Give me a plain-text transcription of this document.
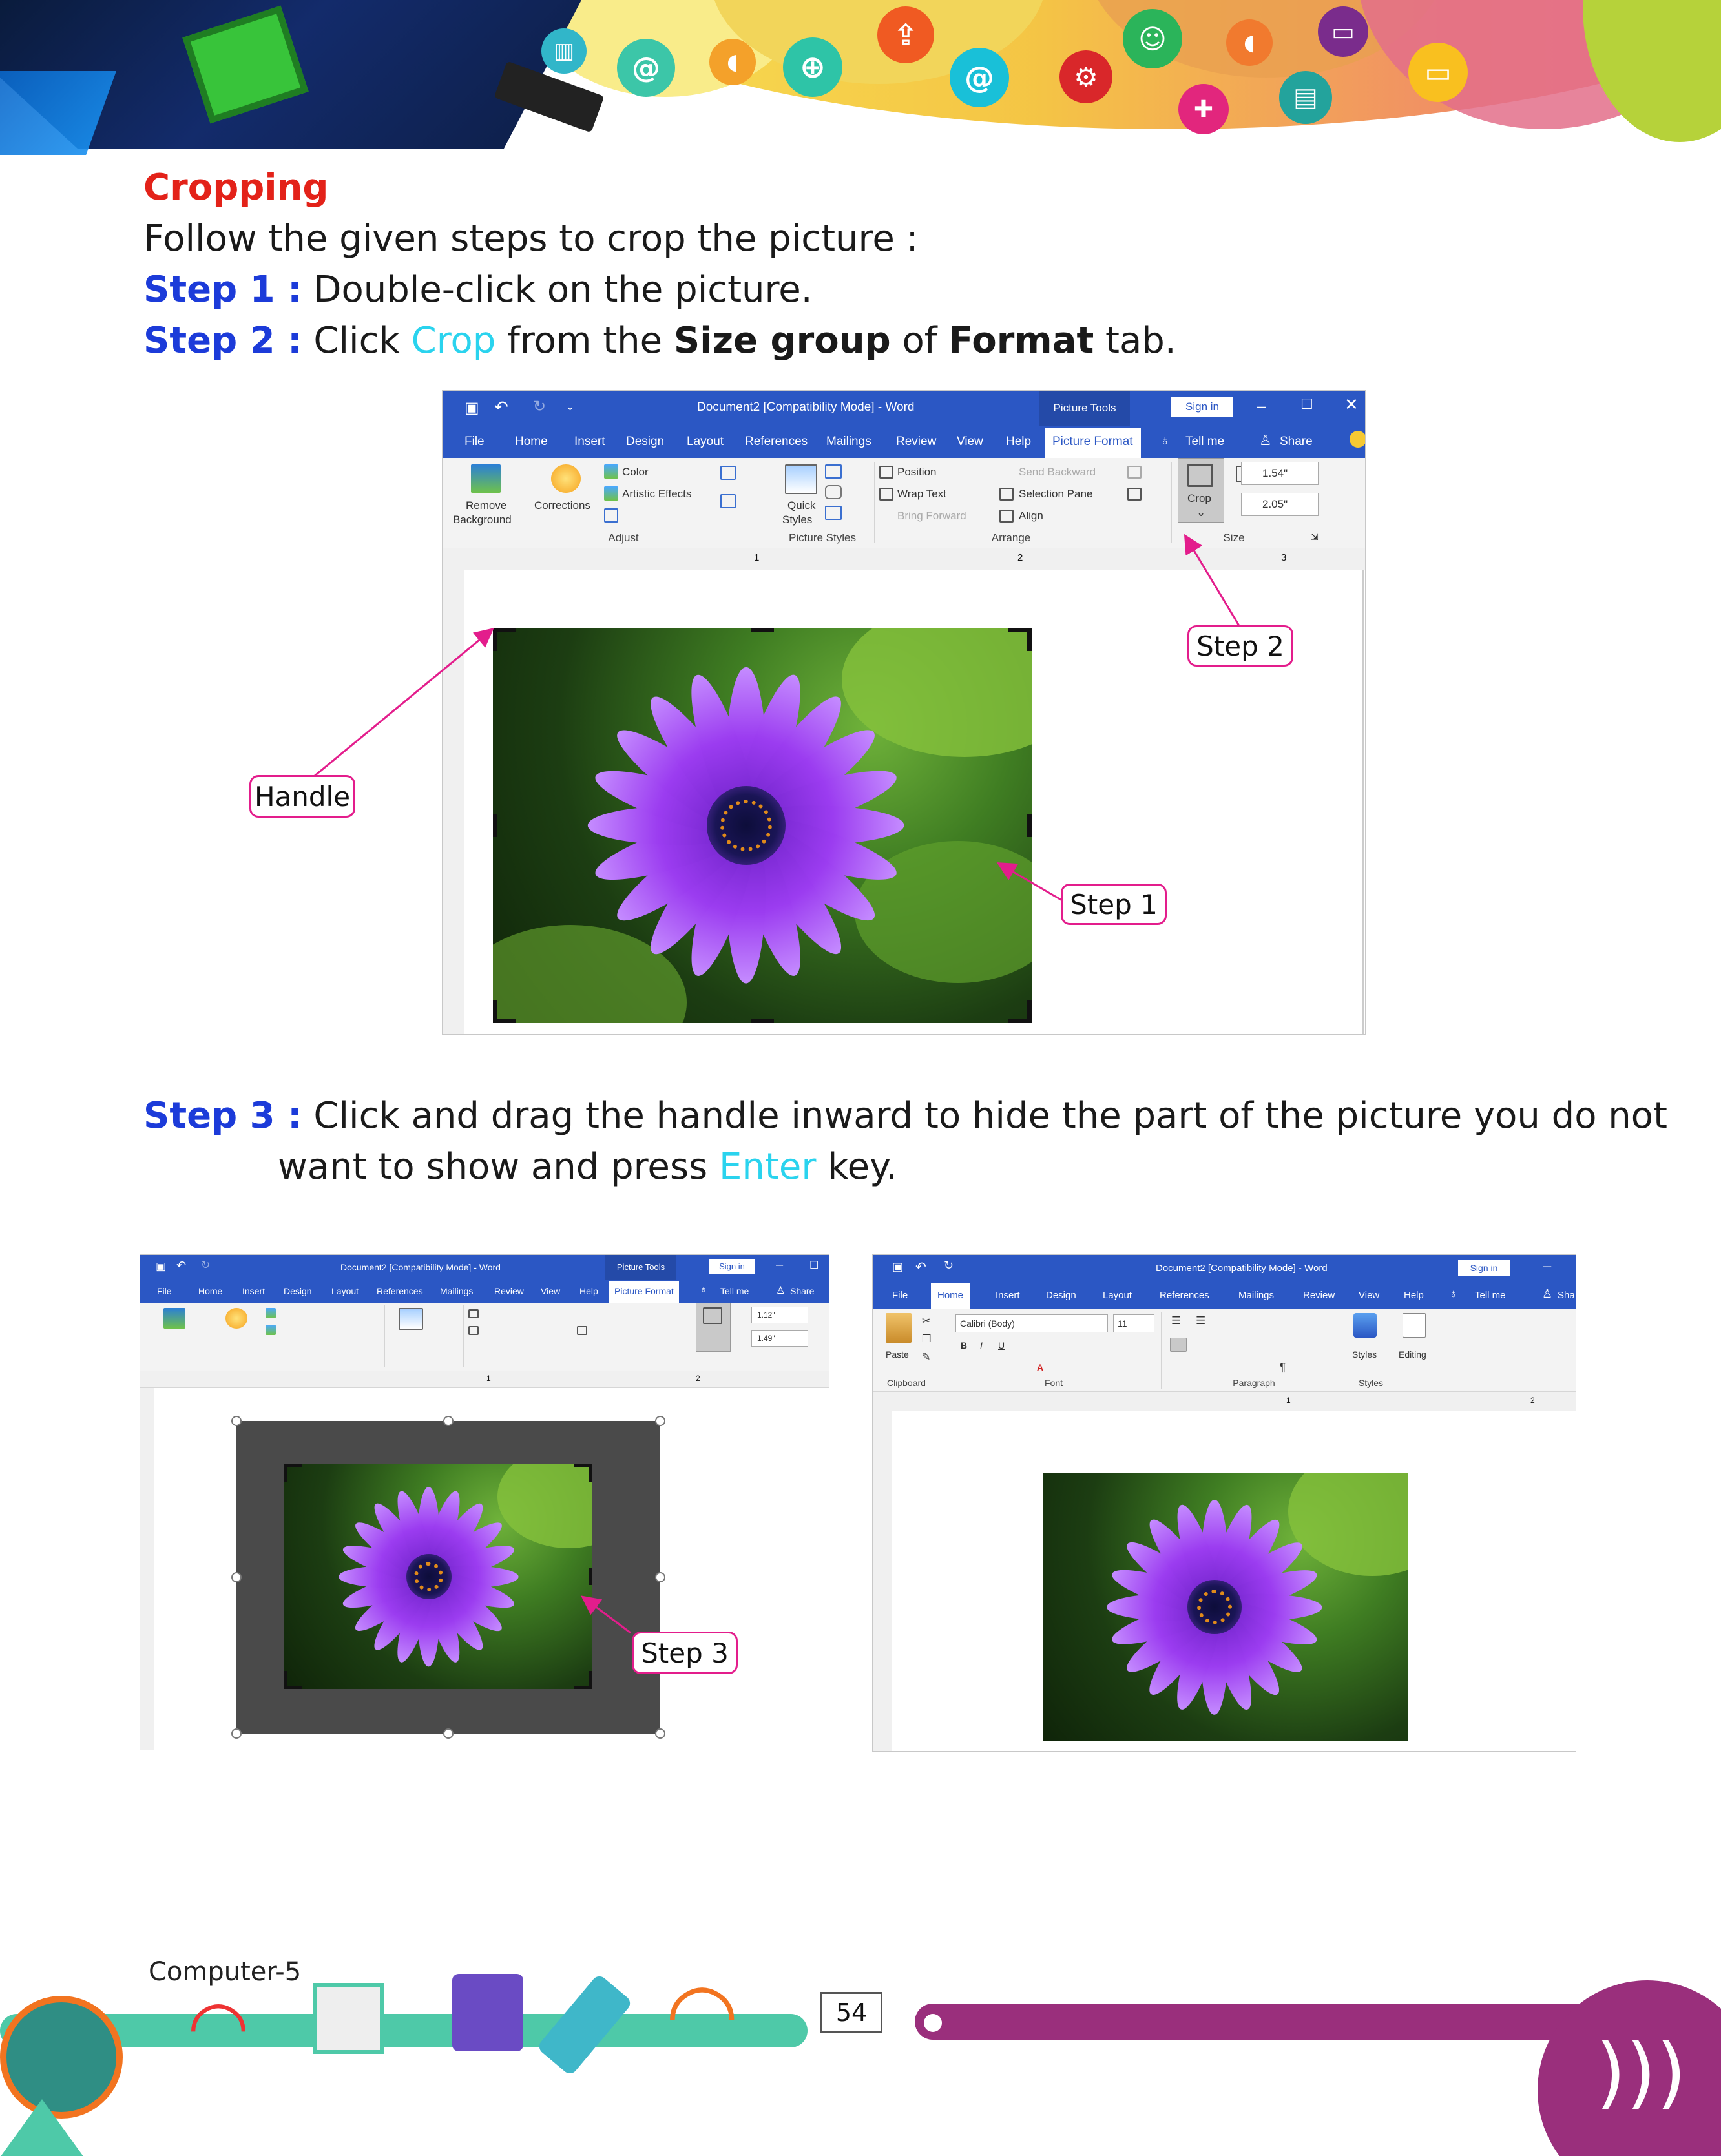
▥
@	◖	⊕
⇪
@	⚙
☺	◖	▭
✚	▤
▭
Cropping
Follow the given steps to crop the picture :
Step 1 : Double-click on the picture.
Step 2 : Click Crop from the Size group of Format tab.
Step 3 : Click and drag the handle inward to hide the part of the picture you do not
want to show and press Enter key.
▣ ↶ ↻ ⌄	Document2 [Compatibility Mode] - Word	Picture Tools	Sign in	– ☐ ✕
File Home Insert Design Layout References Mailings Review View Help	Picture Format	♁ Tell me ♙ Share
Remove
Background
Corrections
Color
Artistic Effects
Adjust
Quick
Styles
Picture Styles
Position
Wrap Text
Bring Forward
Send Backward
Selection Pane
Align
Arrange
Crop
⌄
1.54"
2.05"
Size	⇲
1	2	3
▣ ↶ ↻	Document2 [Compatibility Mode] - Word	Picture Tools	Sign in	–	☐
File	Home Insert Design Layout References Mailings Review View Help	Picture Format	♁ Tell me	♙ Share
1.12"
1.49"
1	2
▣ ↶ ↻	Document2 [Compatibility Mode] - Word	Sign in	–
File	Home	Insert	Design	Layout	References	Mailings	Review View	Help ♁ Tell me	♙ Sha
Paste
✂
❐
✎
Calibri (Body)	11
B I U
A
☰ ☰
¶
Styles Editing
Clipboard	Font	Paragraph	Styles
1	2
Step 2
Handle
Step 1
Step 3
)))
◠	◠
Computer-5
54
